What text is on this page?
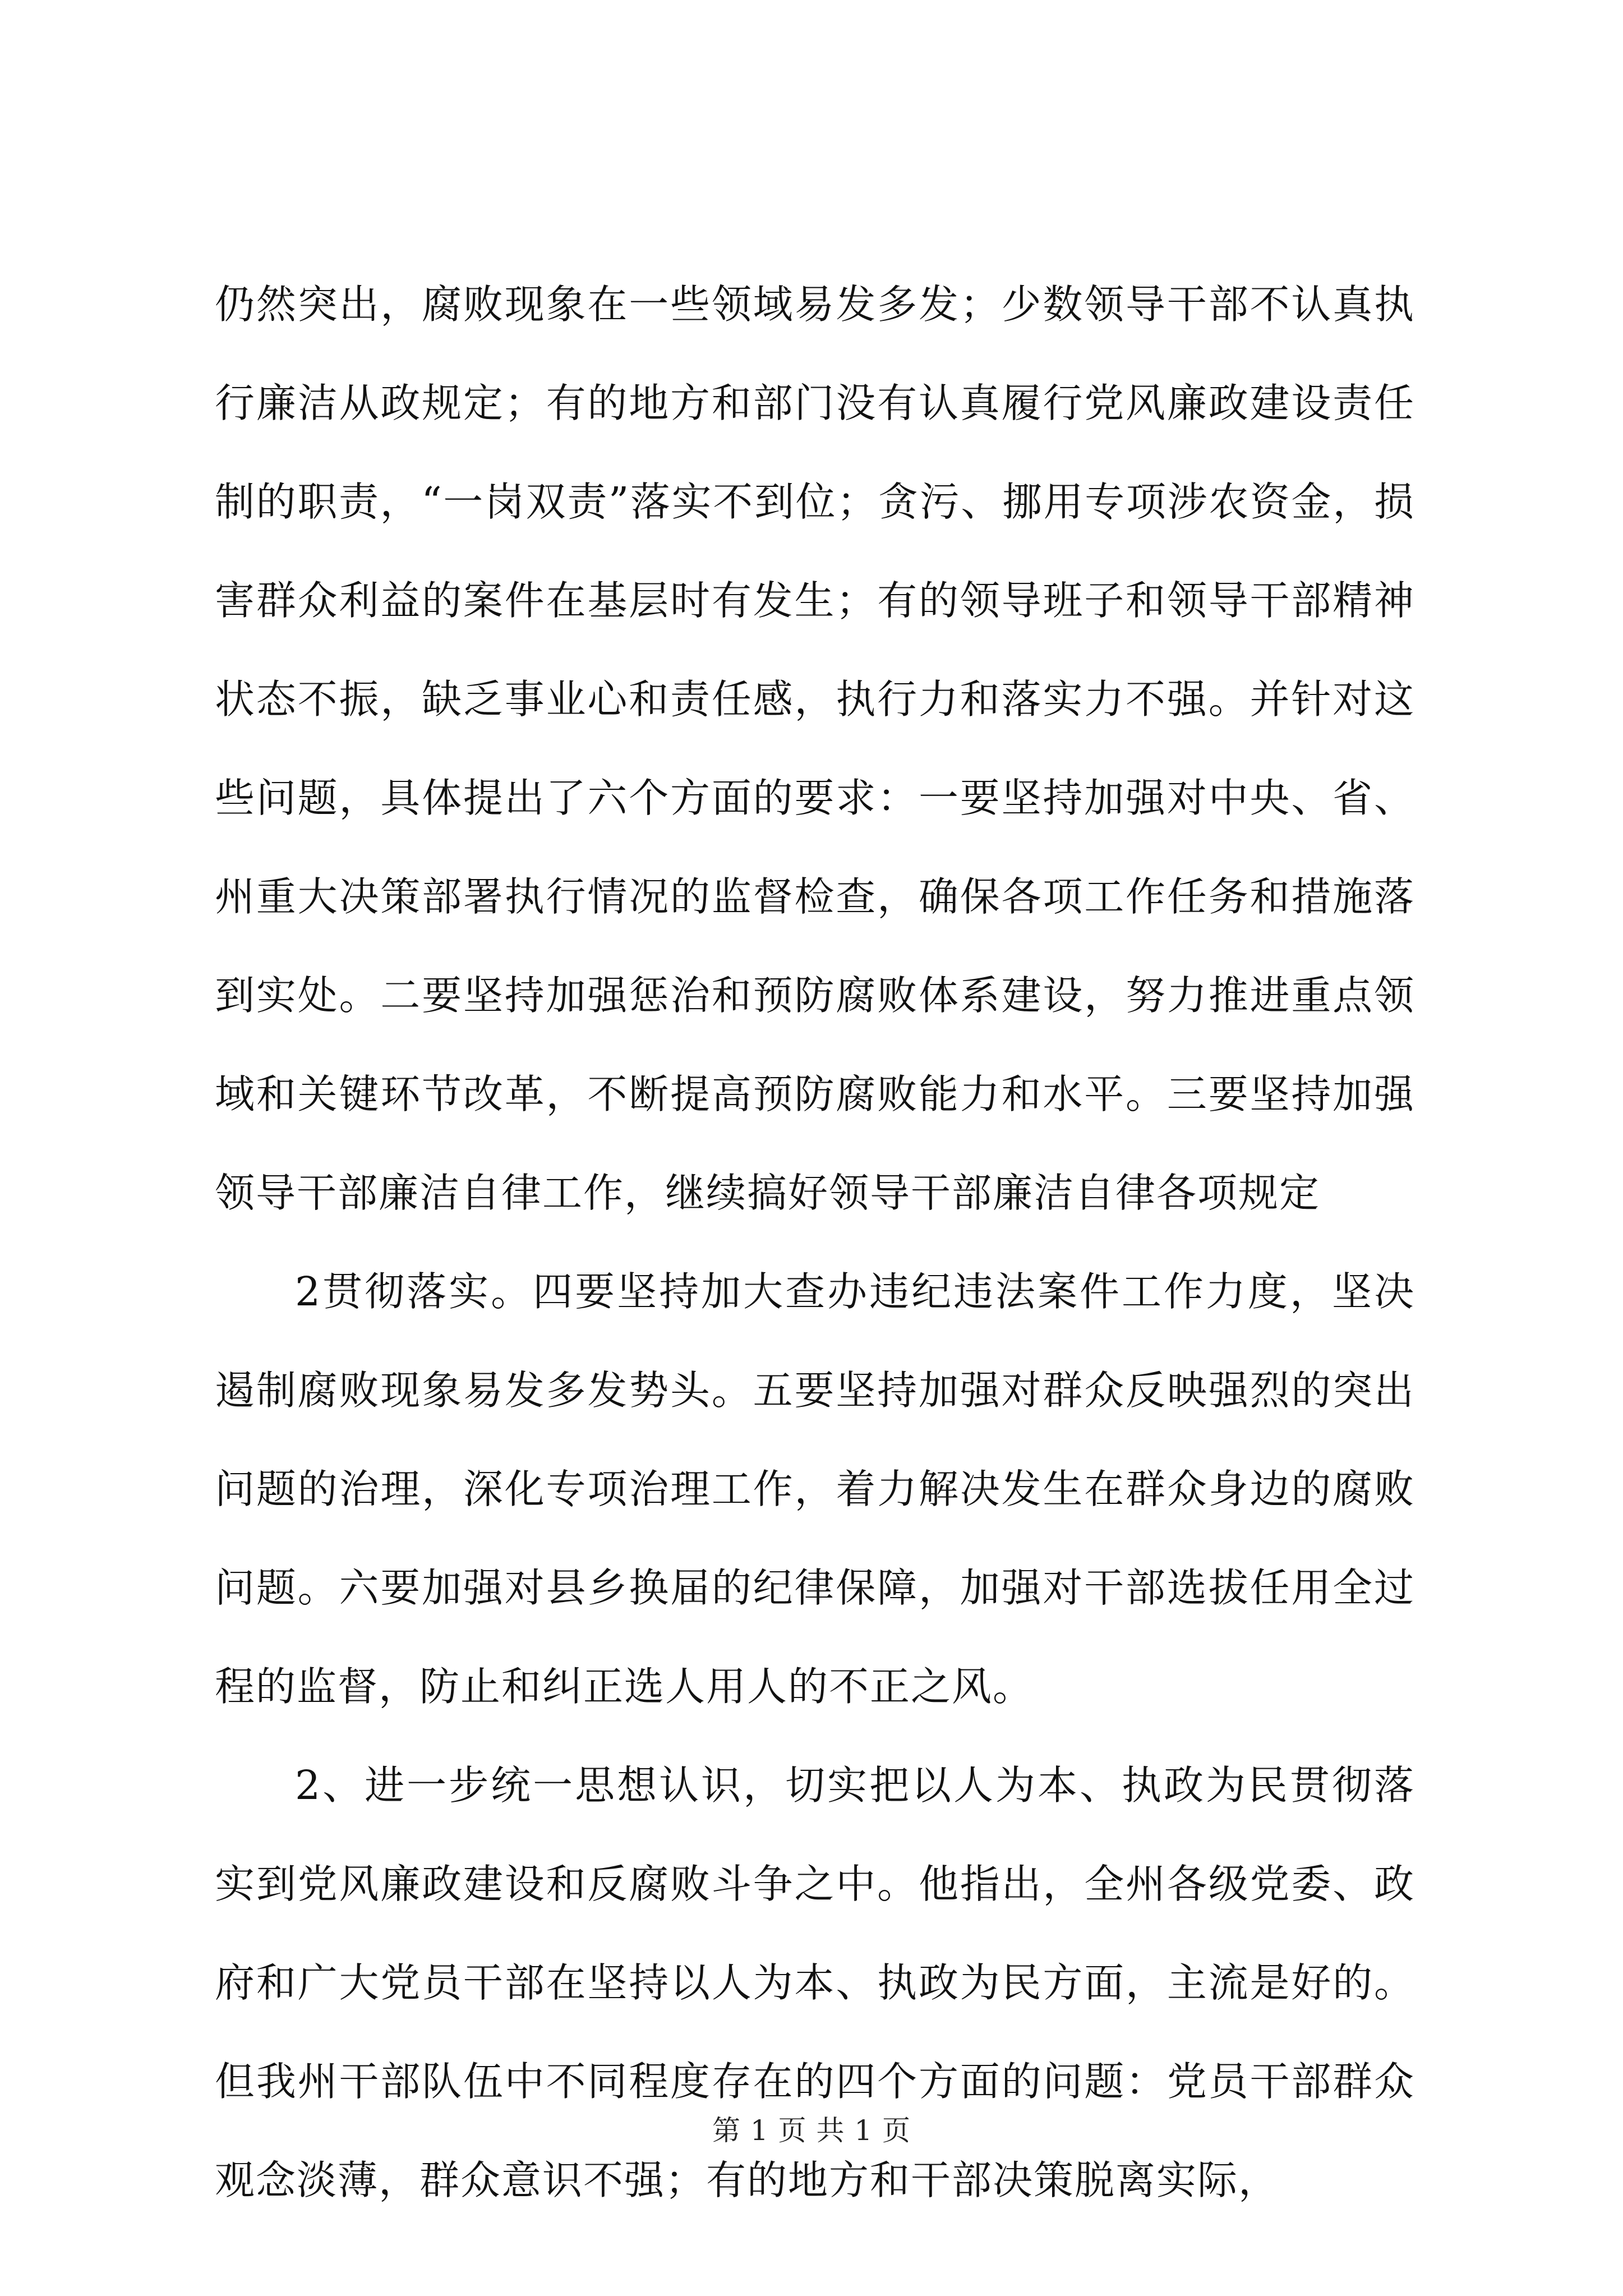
仍然突出，腐败现象在一些领域易发多发；少数领导干部不认真执行廉洁从政规定；有的地方和部门没有认真履行党风廉政建设责任制的职责，“一岗双责”落实不到位；贪污、挪用专项涉农资金，损害群众利益的案件在基层时有发生；有的领导班子和领导干部精神状态不振，缺乏事业心和责任感，执行力和落实力不强。并针对这些问题，具体提出了六个方面的要求：一要坚持加强对中央、省、州重大决策部署执行情况的监督检查，确保各项工作任务和措施落到实处。二要坚持加强惩治和预防腐败体系建设，努力推进重点领域和关键环节改革，不断提高预防腐败能力和水平。三要坚持加强领导干部廉洁自律工作，继续搞好领导干部廉洁自律各项规定

2贯彻落实。四要坚持加大查办违纪违法案件工作力度，坚决遏制腐败现象易发多发势头。五要坚持加强对群众反映强烈的突出问题的治理，深化专项治理工作，着力解决发生在群众身边的腐败问题。六要加强对县乡换届的纪律保障，加强对干部选拔任用全过程的监督，防止和纠正选人用人的不正之风。

2、进一步统一思想认识，切实把以人为本、执政为民贯彻落实到党风廉政建设和反腐败斗争之中。他指出，全州各级党委、政府和广大党员干部在坚持以人为本、执政为民方面，主流是好的。但我州干部队伍中不同程度存在的四个方面的问题：党员干部群众观念淡薄，群众意识不强；有的地方和干部决策脱离实际，

第 1 页 共 1 页
